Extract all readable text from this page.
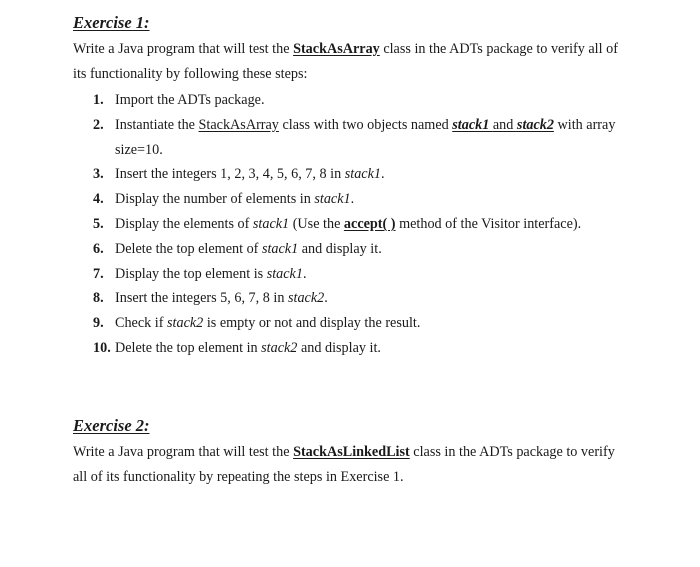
Exercise 1:
Write a Java program that will test the StackAsArray class in the ADTs package to verify all of
its functionality by following these steps:
1. Import the ADTs package.
2. Instantiate the StackAsArray class with two objects named stack1 and stack2 with array
size=10.
3. Insert the integers 1, 2, 3, 4, 5, 6, 7, 8 in stack1.
4. Display the number of elements in stack1.
5. Display the elements of stack1 (Use the accept( ) method of the Visitor interface).
6. Delete the top element of stack1 and display it.
7. Display the top element is stack1.
8. Insert the integers 5, 6, 7, 8 in stack2.
9. Check if stack2 is empty or not and display the result.
10. Delete the top element in stack2 and display it.
Exercise 2:
Write a Java program that will test the StackAsLinkedList class in the ADTs package to verify
all of its functionality by repeating the steps in Exercise 1.
